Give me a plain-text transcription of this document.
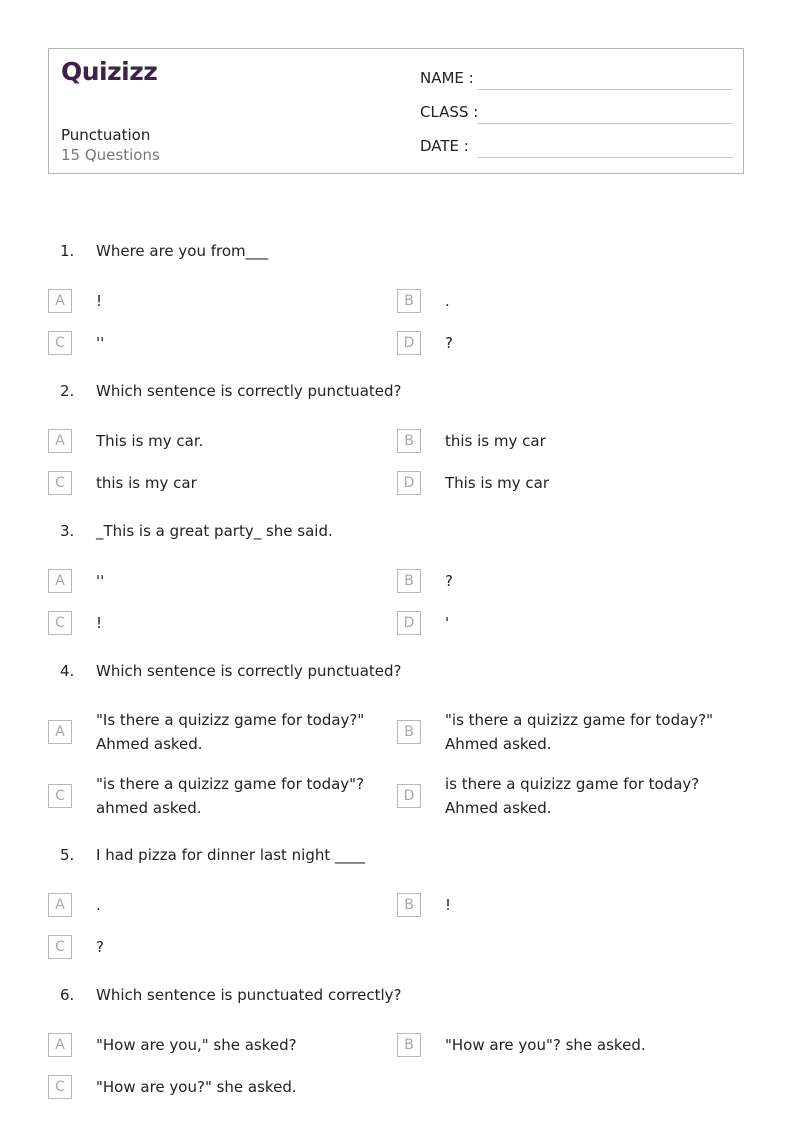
Quizizz
Punctuation
15 Questions
NAME :
CLASS :
DATE :
1. Where are you from___
A	!	B	.
C	''	D	?
2. Which sentence is correctly punctuated?
A	This is my car.	B	this is my car
C	this is my car	D	This is my car
3. _This is a great party_ she said.
A	''	B	?
C	!	D	'
4. Which sentence is correctly punctuated?
A
"Is there a quizizz game for today?" Ahmed asked.
B
"is there a quizizz game for today?" Ahmed asked.
C
"is there a quizizz game for today"? ahmed asked.
D
is there a quizizz game for today? Ahmed asked.
5. I had pizza for dinner last night ____
A	.	B	!
C	?
6. Which sentence is punctuated correctly?
A	"How are you," she asked?	B	"How are you"? she asked.
C	"How are you?" she asked.
